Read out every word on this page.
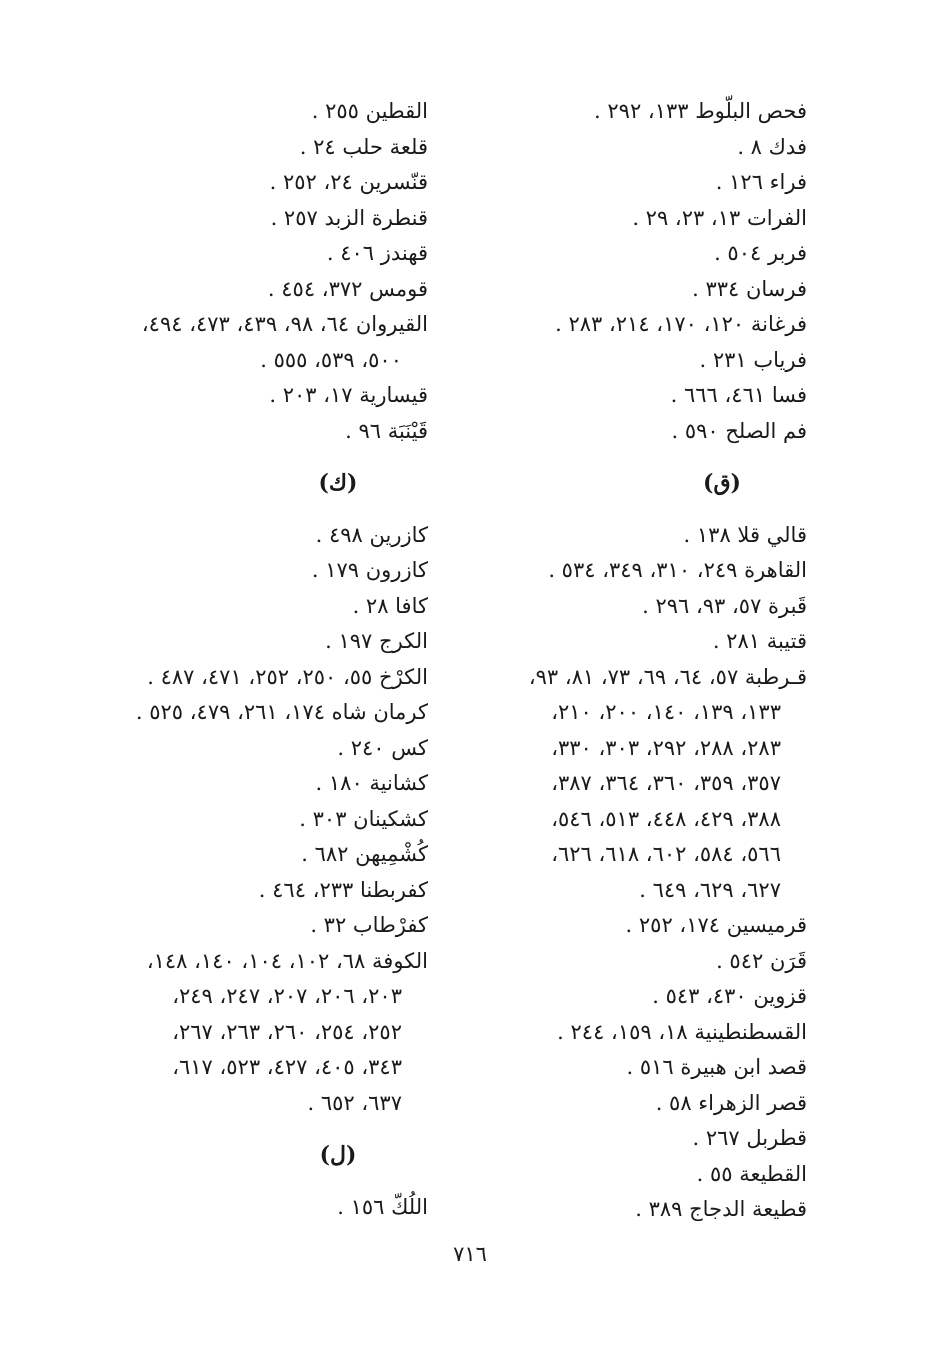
فحص البلّوط ١٣٣، ٢٩٢ .
فدك ٨ .
فراء ١٢٦ .
الفرات ١٣، ٢٣، ٢٩ .
فربر ٥٠٤ .
فرسان ٣٣٤ .
فرغانة ١٢٠، ١٧٠، ٢١٤، ٢٨٣ .
فرياب ٢٣١ .
فسا ٤٦١، ٦٦٦ .
فم الصلح ٥٩٠ .
(ق)
قالي قلا ١٣٨ .
القاهرة ٢٤٩، ٣١٠، ٣٤٩، ٥٣٤ .
قَبرة ٥٧، ٩٣، ٢٩٦ .
قتيبة ٢٨١ .
قـرطبة ٥٧، ٦٤، ٦٩، ٧٣، ٨١، ٩٣،
١٣٣، ١٣٩، ١٤٠، ٢٠٠، ٢١٠،
٢٨٣، ٢٨٨، ٢٩٢، ٣٠٣، ٣٣٠،
٣٥٧، ٣٥٩، ٣٦٠، ٣٦٤، ٣٨٧،
٣٨٨، ٤٢٩، ٤٤٨، ٥١٣، ٥٤٦،
٥٦٦، ٥٨٤، ٦٠٢، ٦١٨، ٦٢٦،
٦٢٧، ٦٢٩، ٦٤٩ .
قرميسين ١٧٤، ٢٥٢ .
قَرَن ٥٤٢ .
قزوين ٤٣٠، ٥٤٣ .
القسطنطينية ١٨، ١٥٩، ٢٤٤ .
قصد ابن هبيرة ٥١٦ .
قصر الزهراء ٥٨ .
قطربل ٢٦٧ .
القطيعة ٥٥ .
قطيعة الدجاج ٣٨٩ .
القطين ٢٥٥ .
قلعة حلب ٢٤ .
قنّسرين ٢٤، ٢٥٢ .
قنطرة الزبد ٢٥٧ .
قهندز ٤٠٦ .
قومس ٣٧٢، ٤٥٤ .
القيروان ٦٤، ٩٨، ٤٣٩، ٤٧٣، ٤٩٤،
٥٠٠، ٥٣٩، ٥٥٥ .
قيسارية ١٧، ٢٠٣ .
قَيْنَبَة ٩٦ .
(ك)
كازرين ٤٩٨ .
كازرون ١٧٩ .
كافا ٢٨ .
الكرج ١٩٧ .
الكرْخ ٥٥، ٢٥٠، ٢٥٢، ٤٧١، ٤٨٧ .
كرمان شاه ١٧٤، ٢٦١، ٤٧٩، ٥٢٥ .
كس ٢٤٠ .
كشانية ١٨٠ .
كشكينان ٣٠٣ .
كُشْمِيهن ٦٨٢ .
كفربطنا ٢٣٣، ٤٦٤ .
كفرْطاب ٣٢ .
الكوفة ٦٨، ١٠٢، ١٠٤، ١٤٠، ١٤٨،
٢٠٣، ٢٠٦، ٢٠٧، ٢٤٧، ٢٤٩،
٢٥٢، ٢٥٤، ٢٦٠، ٢٦٣، ٢٦٧،
٣٤٣، ٤٠٥، ٤٢٧، ٥٢٣، ٦١٧،
٦٣٧، ٦٥٢ .
(ل)
اللُكّ ١٥٦ .
٧١٦
